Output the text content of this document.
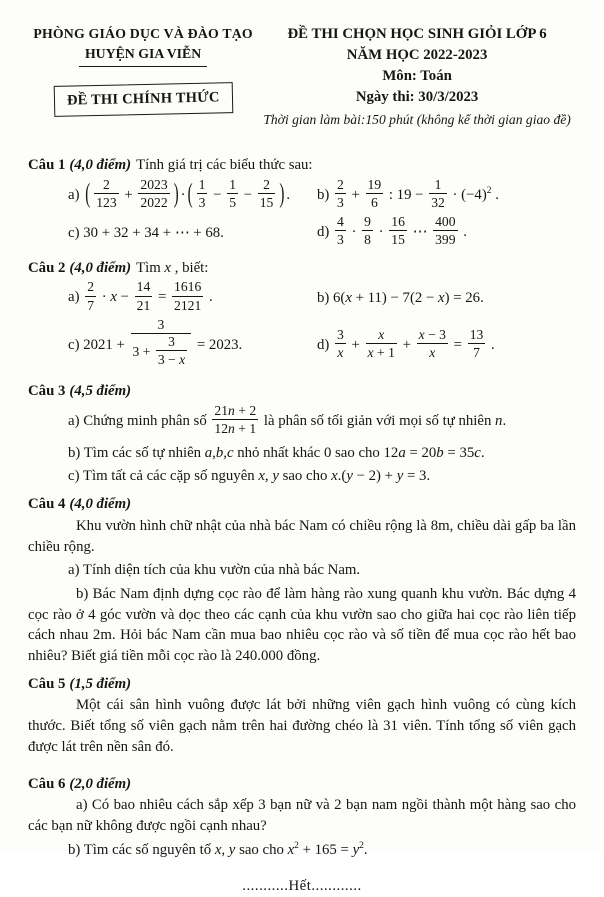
PHÒNG GIÁO DỤC VÀ ĐÀO TẠO
HUYỆN GIA VIỄN
ĐỀ THI CHÍNH THỨC
ĐỀ THI CHỌN HỌC SINH GIỎI LỚP 6
NĂM HỌC 2022-2023
Môn: Toán
Ngày thi: 30/3/2023
Thời gian làm bài:150 phút (không kể thời gian giao đề)
Câu 1 (4,0 điểm) Tính giá trị các biểu thức sau:
a) ( $\frac{2}{123} + \frac{2023}{2022}$ ) · ( $\frac{1}{3} - \frac{1}{5} - \frac{2}{15}$ ) .	$b) \frac{2}{3} + \frac{19}{6}$ : $19 - \frac{1}{32} \cdot (-4)^2$ .
c) 30 + 32 + 34 + ⋯ + 68.	$d) \frac{4}{3} \cdot \frac{9}{8} \cdot \frac{16}{15}$ ⋯ $\frac{400}{399}$ .
Câu 2 (4,0 điểm) Tìm x , biết:
$a) \frac{2}{7} \cdot x - \frac{14}{21} = \frac{1616}{2121}$ .	b) 6(x + 11) − 7(2 − x) = 26.
c) $2021 + \frac{3}{3 + \frac{3}{3 - x}} = 2023$.	$d) \frac{3}{x} + \frac{x}{x + 1} + \frac{x - 3}{x} = \frac{13}{7}$ .
Câu 3 (4,5 điểm)
a) Chứng minh phân số $\frac{21n + 2}{12n + 1}$ là phân số tối giản với mọi số tự nhiên n.
b) Tìm các số tự nhiên a,b,c nhỏ nhất khác 0 sao cho 12a = 20b = 35c.
c) Tìm tất cả các cặp số nguyên x, y sao cho x.(y − 2) + y = 3.
Câu 4 (4,0 điểm)
Khu vườn hình chữ nhật của nhà bác Nam có chiều rộng là 8m, chiều dài gấp ba lần chiều rộng.
a) Tính diện tích của khu vườn của nhà bác Nam.
b) Bác Nam định dựng cọc rào để làm hàng rào xung quanh khu vườn. Bác dựng 4 cọc rào ở 4 góc vườn và dọc theo các cạnh của khu vườn sao cho giữa hai cọc rào liên tiếp cách nhau 2m. Hỏi bác Nam cần mua bao nhiêu cọc rào và số tiền để mua cọc rào hết bao nhiêu? Biết giá tiền mỗi cọc rào là 240.000 đồng.
Câu 5 (1,5 điểm)
Một cái sân hình vuông được lát bởi những viên gạch hình vuông có cùng kích thước. Biết tổng số viên gạch nằm trên hai đường chéo là 31 viên. Tính tổng số viên gạch được lát trên nền sân đó.
Câu 6 (2,0 điểm)
a) Có bao nhiêu cách sắp xếp 3 bạn nữ và 2 bạn nam ngồi thành một hàng sao cho các bạn nữ không được ngồi cạnh nhau?
b) Tìm các số nguyên tố x, y sao cho $x^2 + 165 = y^2$.
...........Hết............
